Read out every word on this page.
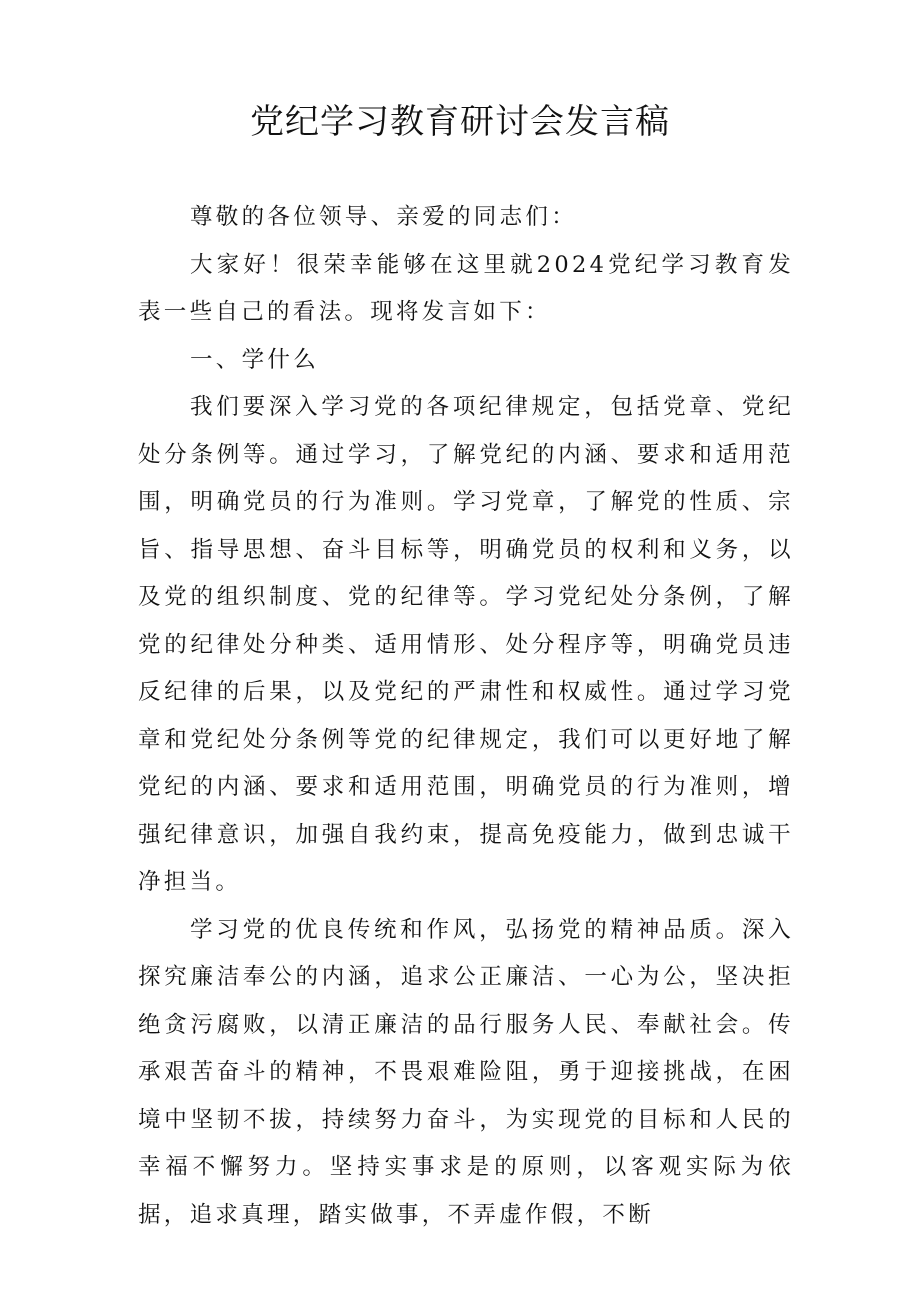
党纪学习教育研讨会发言稿

尊敬的各位领导、亲爱的同志们：

大家好！很荣幸能够在这里就2024党纪学习教育发表一些自己的看法。现将发言如下：

一、学什么

我们要深入学习党的各项纪律规定，包括党章、党纪处分条例等。通过学习，了解党纪的内涵、要求和适用范围，明确党员的行为准则。学习党章，了解党的性质、宗旨、指导思想、奋斗目标等，明确党员的权利和义务，以及党的组织制度、党的纪律等。学习党纪处分条例，了解党的纪律处分种类、适用情形、处分程序等，明确党员违反纪律的后果，以及党纪的严肃性和权威性。通过学习党章和党纪处分条例等党的纪律规定，我们可以更好地了解党纪的内涵、要求和适用范围，明确党员的行为准则，增强纪律意识，加强自我约束，提高免疫能力，做到忠诚干净担当。

学习党的优良传统和作风，弘扬党的精神品质。深入探究廉洁奉公的内涵，追求公正廉洁、一心为公，坚决拒绝贪污腐败，以清正廉洁的品行服务人民、奉献社会。传承艰苦奋斗的精神，不畏艰难险阻，勇于迎接挑战，在困境中坚韧不拔，持续努力奋斗，为实现党的目标和人民的幸福不懈努力。坚持实事求是的原则，以客观实际为依据，追求真理，踏实做事，不弄虚作假，不断
